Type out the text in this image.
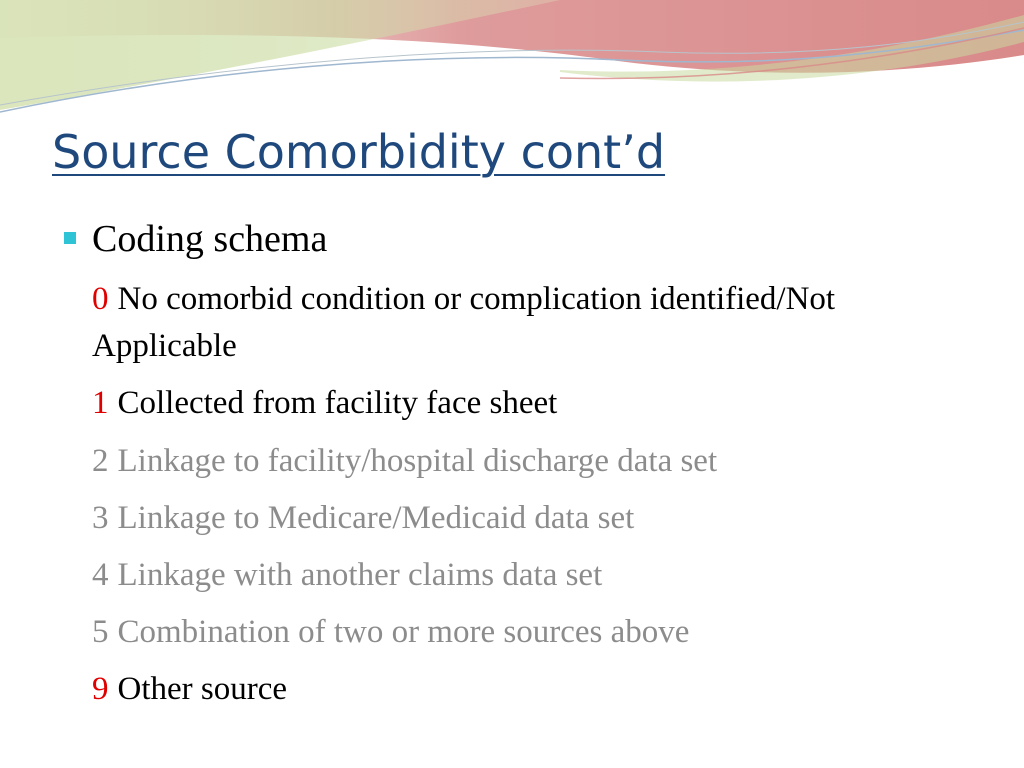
Source Comorbidity cont’d
Coding schema
0 No comorbid condition or complication identified/Not Applicable
1 Collected from facility face sheet
2 Linkage to facility/hospital discharge data set
3 Linkage to Medicare/Medicaid data set
4 Linkage with another claims data set
5 Combination of two or more sources above
9 Other source
